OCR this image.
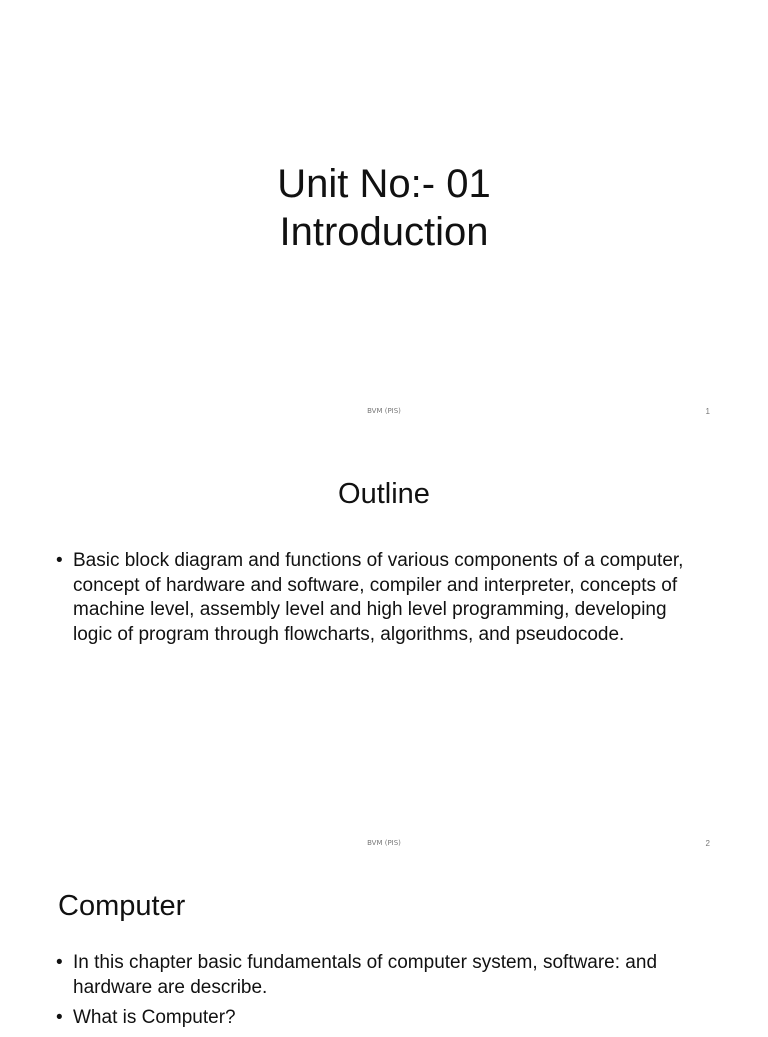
Unit No:- 01
Introduction
BVM (PIS)	1
Outline
• Basic block diagram and functions of various components of a computer, concept of hardware and software, compiler and interpreter, concepts of machine level, assembly level and high level programming, developing logic of program through flowcharts, algorithms, and pseudocode.
BVM (PIS)	2
Computer
• In this chapter basic fundamentals of computer system, software: and hardware are describe.
• What is Computer?
